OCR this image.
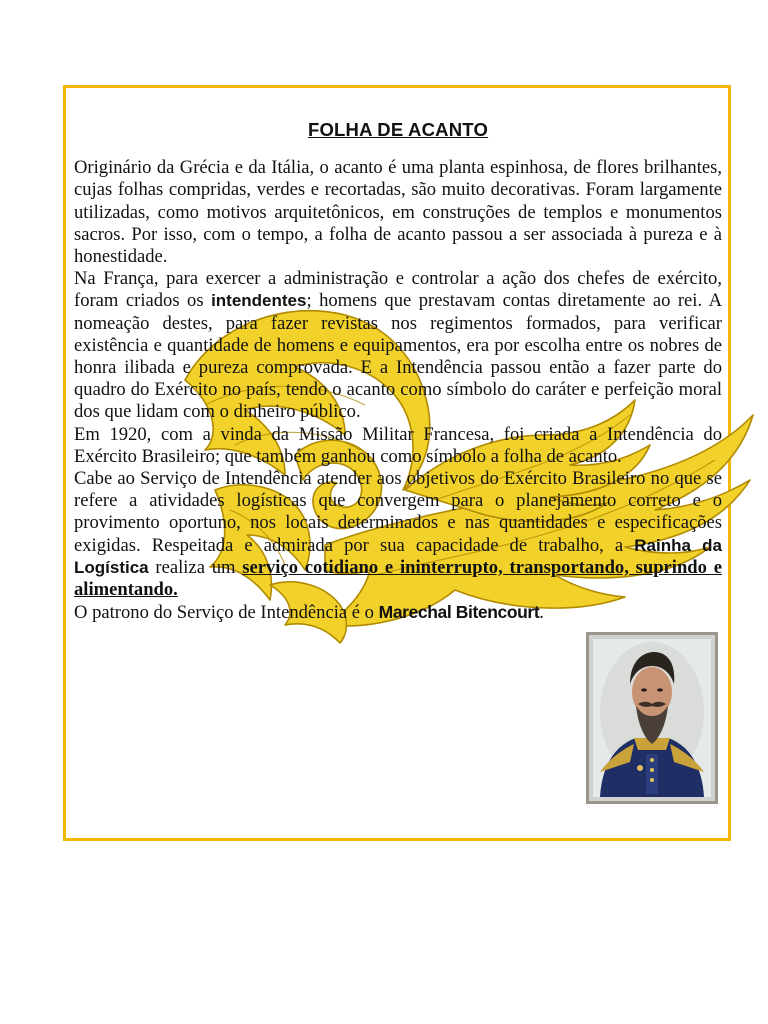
FOLHA DE ACANTO

Originário da Grécia e da Itália, o acanto é uma planta espinhosa, de flores brilhantes, cujas folhas compridas, verdes e recortadas, são muito decorativas. Foram largamente utilizadas, como motivos arquitetônicos, em construções de templos e monumentos sacros. Por isso, com o tempo, a folha de acanto passou a ser associada à pureza e à honestidade.

Na França, para exercer a administração e controlar a ação dos chefes de exército, foram criados os intendentes; homens que prestavam contas diretamente ao rei. A nomeação destes, para fazer revistas nos regimentos formados, para verificar existência e quantidade de homens e equipamentos, era por escolha entre os nobres de honra ilibada e pureza comprovada. E a Intendência passou então a fazer parte do quadro do Exército no país, tendo o acanto como símbolo do caráter e perfeição moral dos que lidam com o dinheiro público.

Em 1920, com a vinda da Missão Militar Francesa, foi criada a Intendência do Exército Brasileiro; que também ganhou como símbolo a folha de acanto.

Cabe ao Serviço de Intendência atender aos objetivos do Exército Brasileiro no que se refere a atividades logísticas que convergem para o planejamento correto e o provimento oportuno, nos locais determinados e nas quantidades e especificações exigidas. Respeitada e admirada por sua capacidade de trabalho, a Rainha da Logística realiza um serviço cotidiano e ininterrupto, transportando, suprindo e alimentando.

O patrono do Serviço de Intendência é o Marechal Bitencourt.
